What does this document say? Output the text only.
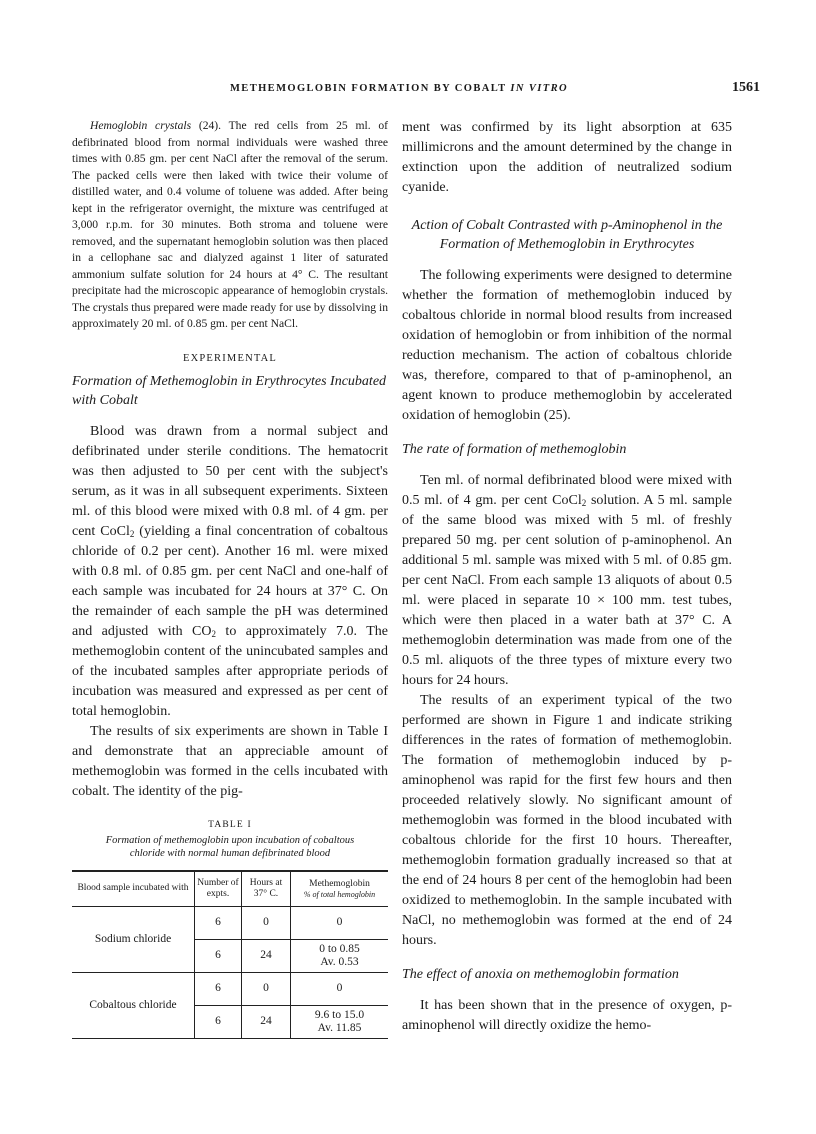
METHEMOGLOBIN FORMATION BY COBALT IN VITRO	1561

Hemoglobin crystals (24). The red cells from 25 ml. of defibrinated blood from normal individuals were washed three times with 0.85 gm. per cent NaCl after the removal of the serum. The packed cells were then laked with twice their volume of distilled water, and 0.4 volume of toluene was added. After being kept in the refrigerator overnight, the mixture was centrifuged at 3,000 r.p.m. for 30 minutes. Both stroma and toluene were removed, and the supernatant hemoglobin solution was then placed in a cellophane sac and dialyzed against 1 liter of saturated ammonium sulfate solution for 24 hours at 4° C. The resultant precipitate had the microscopic appearance of hemoglobin crystals. The crystals thus prepared were made ready for use by dissolving in approximately 20 ml. of 0.85 gm. per cent NaCl.

EXPERIMENTAL
Formation of Methemoglobin in Erythrocytes Incubated with Cobalt

Blood was drawn from a normal subject and defibrinated under sterile conditions. The hematocrit was then adjusted to 50 per cent with the subject's serum, as it was in all subsequent experiments. Sixteen ml. of this blood were mixed with 0.8 ml. of 4 gm. per cent CoCl$_2$ (yielding a final concentration of cobaltous chloride of 0.2 per cent). Another 16 ml. were mixed with 0.8 ml. of 0.85 gm. per cent NaCl and one-half of each sample was incubated for 24 hours at 37° C. On the remainder of each sample the pH was determined and adjusted with $CO_2$ to approximately 7.0. The methemoglobin content of the unincubated samples and of the incubated samples after appropriate periods of incubation was measured and expressed as per cent of total hemoglobin.

The results of six experiments are shown in Table I and demonstrate that an appreciable amount of methemoglobin was formed in the cells incubated with cobalt. The identity of the pig-

TABLE I
Formation of methemoglobin upon incubation of cobaltous chloride with normal human defibrinated blood
Blood sample incubated with	Number of expts.	Hours at 37° C.	Methemoglobin
% of total hemoglobin

Sodium chloride	6	0	0
	6	24	0 to 0.85
Av. 0.53
Cobaltous chloride	6	0	0
	6	24	9.6 to 15.0
Av. 11.85

ment was confirmed by its light absorption at 635 millimicrons and the amount determined by the change in extinction upon the addition of neutralized sodium cyanide.

Action of Cobalt Contrasted with p-Aminophenol in the Formation of Methemoglobin in Erythrocytes

The following experiments were designed to determine whether the formation of methemoglobin induced by cobaltous chloride in normal blood results from increased oxidation of hemoglobin or from inhibition of the normal reduction mechanism. The action of cobaltous chloride was, therefore, compared to that of p-aminophenol, an agent known to produce methemoglobin by accelerated oxidation of hemoglobin (25).

The rate of formation of methemoglobin

Ten ml. of normal defibrinated blood were mixed with 0.5 ml. of 4 gm. per cent CoCl$_2$ solution. A 5 ml. sample of the same blood was mixed with 5 ml. of freshly prepared 50 mg. per cent solution of p-aminophenol. An additional 5 ml. sample was mixed with 5 ml. of 0.85 gm. per cent NaCl. From each sample 13 aliquots of about 0.5 ml. were placed in separate 10 × 100 mm. test tubes, which were then placed in a water bath at 37° C. A methemoglobin determination was made from one of the 0.5 ml. aliquots of the three types of mixture every two hours for 24 hours.

The results of an experiment typical of the two performed are shown in Figure 1 and indicate striking differences in the rates of formation of methemoglobin. The formation of methemoglobin induced by p-aminophenol was rapid for the first few hours and then proceeded relatively slowly. No significant amount of methemoglobin was formed in the blood incubated with cobaltous chloride for the first 10 hours. Thereafter, methemoglobin formation gradually increased so that at the end of 24 hours 8 per cent of the hemoglobin had been oxidized to methemoglobin. In the sample incubated with NaCl, no methemoglobin was formed at the end of 24 hours.

The effect of anoxia on methemoglobin formation

It has been shown that in the presence of oxygen, p-aminophenol will directly oxidize the hemo-
